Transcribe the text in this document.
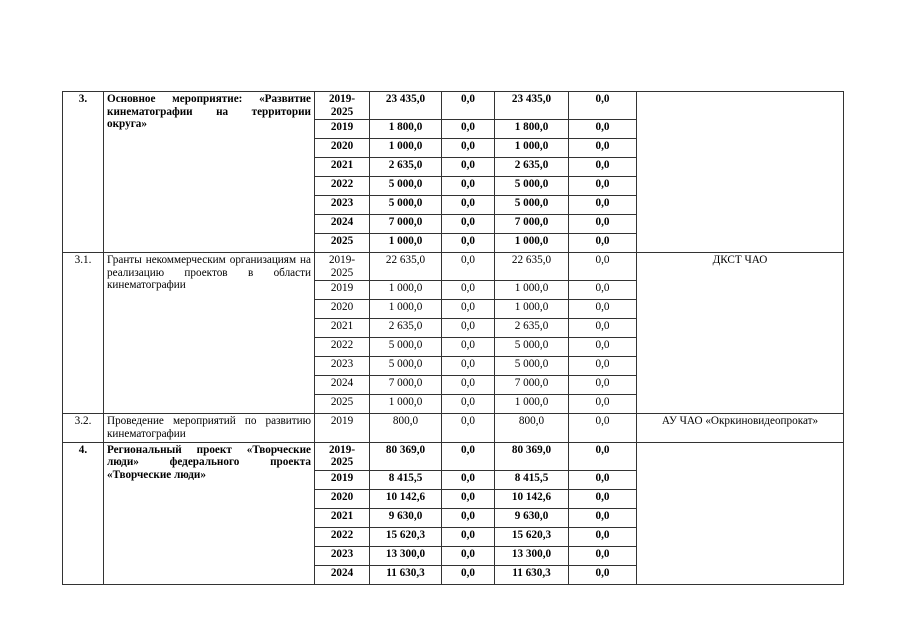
3.	Основное мероприятие: «Развитие кинематографии на территории округа»	2019-2025	23 435,0	0,0	23 435,0	0,0	
		2019	1 800,0	0,0	1 800,0	0,0	
		2020	1 000,0	0,0	1 000,0	0,0	
		2021	2 635,0	0,0	2 635,0	0,0	
		2022	5 000,0	0,0	5 000,0	0,0	
		2023	5 000,0	0,0	5 000,0	0,0	
		2024	7 000,0	0,0	7 000,0	0,0	
		2025	1 000,0	0,0	1 000,0	0,0	
3.1.	Гранты некоммерческим организациям на реализацию проектов в области кинематографии	2019-2025	22 635,0	0,0	22 635,0	0,0	ДКСТ ЧАО
		2019	1 000,0	0,0	1 000,0	0,0	
		2020	1 000,0	0,0	1 000,0	0,0	
		2021	2 635,0	0,0	2 635,0	0,0	
		2022	5 000,0	0,0	5 000,0	0,0	
		2023	5 000,0	0,0	5 000,0	0,0	
		2024	7 000,0	0,0	7 000,0	0,0	
		2025	1 000,0	0,0	1 000,0	0,0	
3.2.	Проведение мероприятий по развитию кинематографии	2019	800,0	0,0	800,0	0,0	АУ ЧАО «Окркиновидеопрокат»
4.	Региональный проект «Творческие люди» федерального проекта «Творческие люди»	2019-2025	80 369,0	0,0	80 369,0	0,0	
		2019	8 415,5	0,0	8 415,5	0,0	
		2020	10 142,6	0,0	10 142,6	0,0	
		2021	9 630,0	0,0	9 630,0	0,0	
		2022	15 620,3	0,0	15 620,3	0,0	
		2023	13 300,0	0,0	13 300,0	0,0	
		2024	11 630,3	0,0	11 630,3	0,0	
